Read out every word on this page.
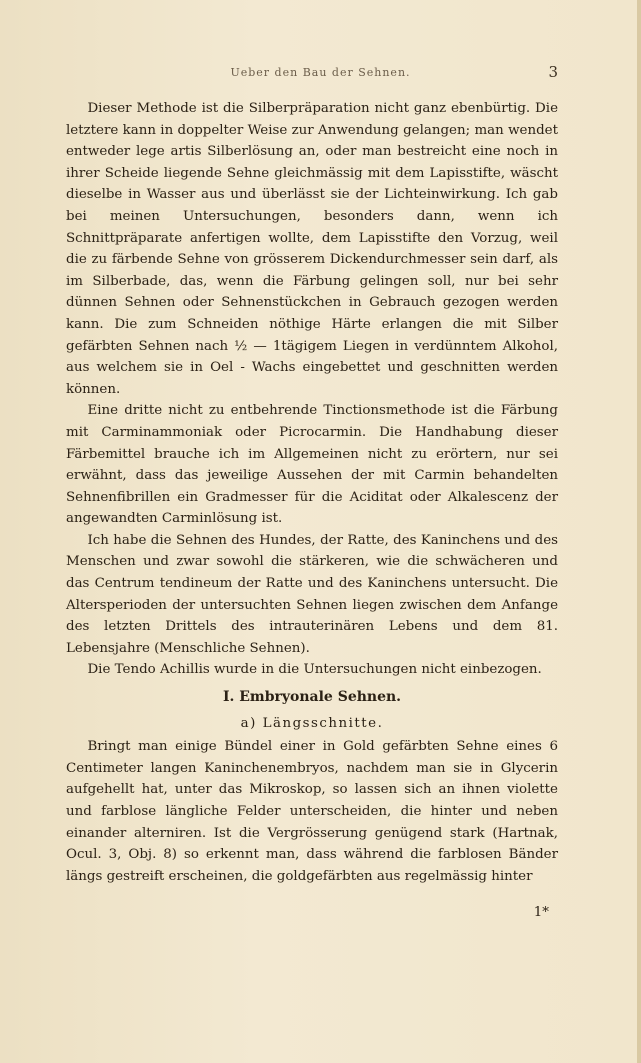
Ueber den Bau der Sehnen.	3

Dieser Methode ist die Silberpräparation nicht ganz ebenbürtig. Die letztere kann in doppelter Weise zur Anwendung gelangen; man wendet entweder lege artis Silberlösung an, oder man bestreicht eine noch in ihrer Scheide liegende Sehne gleichmässig mit dem Lapisstifte, wäscht dieselbe in Wasser aus und überlässt sie der Lichteinwirkung. Ich gab bei meinen Untersuchungen, besonders dann, wenn ich Schnittpräparate anfertigen wollte, dem Lapisstifte den Vorzug, weil die zu färbende Sehne von grösserem Dickendurchmesser sein darf, als im Silberbade, das, wenn die Färbung gelingen soll, nur bei sehr dünnen Sehnen oder Sehnenstückchen in Gebrauch gezogen werden kann. Die zum Schneiden nöthige Härte erlangen die mit Silber gefärbten Sehnen nach ½ — 1tägigem Liegen in verdünntem Alkohol, aus welchem sie in Oel - Wachs eingebettet und geschnitten werden können.

Eine dritte nicht zu entbehrende Tinctionsmethode ist die Färbung mit Carminammoniak oder Picrocarmin. Die Handhabung dieser Färbemittel brauche ich im Allgemeinen nicht zu erörtern, nur sei erwähnt, dass das jeweilige Aussehen der mit Carmin behandelten Sehnenfibrillen ein Gradmesser für die Aciditat oder Alkalescenz der angewandten Carminlösung ist.

Ich habe die Sehnen des Hundes, der Ratte, des Kaninchens und des Menschen und zwar sowohl die stärkeren, wie die schwächeren und das Centrum tendineum der Ratte und des Kaninchens untersucht. Die Altersperioden der untersuchten Sehnen liegen zwischen dem Anfange des letzten Drittels des intrauterinären Lebens und dem 81. Lebensjahre (Menschliche Sehnen).

Die Tendo Achillis wurde in die Untersuchungen nicht einbezogen.

I. Embryonale Sehnen.
a) Längsschnitte.

Bringt man einige Bündel einer in Gold gefärbten Sehne eines 6 Centimeter langen Kaninchenembryos, nachdem man sie in Glycerin aufgehellt hat, unter das Mikroskop, so lassen sich an ihnen violette und farblose längliche Felder unterscheiden, die hinter und neben einander alterniren. Ist die Vergrösserung genügend stark (Hartnak, Ocul. 3, Obj. 8) so erkennt man, dass während die farblosen Bänder längs gestreift erscheinen, die goldgefärbten aus regelmässig hinter

1*
